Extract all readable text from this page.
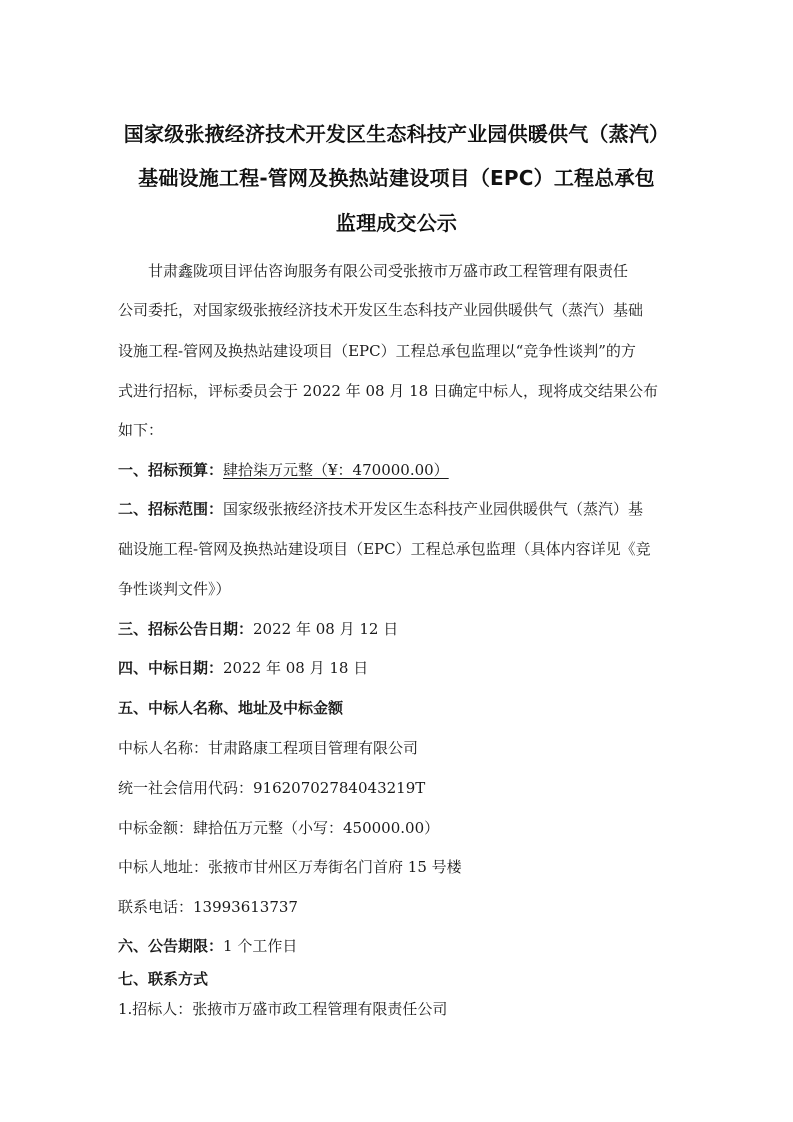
国家级张掖经济技术开发区生态科技产业园供暖供气（蒸汽）
基础设施工程-管网及换热站建设项目（EPC）工程总承包
监理成交公示
甘肃鑫陇项目评估咨询服务有限公司受张掖市万盛市政工程管理有限责任
公司委托，对国家级张掖经济技术开发区生态科技产业园供暖供气（蒸汽）基础
设施工程-管网及换热站建设项目（EPC）工程总承包监理以“竞争性谈判”的方
式进行招标，评标委员会于 2022 年 08 月 18 日确定中标人，现将成交结果公布
如下：
一、招标预算：肆拾柒万元整（¥：470000.00）
二、招标范围：国家级张掖经济技术开发区生态科技产业园供暖供气（蒸汽）基
础设施工程-管网及换热站建设项目（EPC）工程总承包监理（具体内容详见《竞
争性谈判文件》）
三、招标公告日期：2022 年 08 月 12 日
四、中标日期：2022 年 08 月 18 日
五、中标人名称、地址及中标金额
中标人名称：甘肃路康工程项目管理有限公司
统一社会信用代码：91620702784043219T
中标金额：肆拾伍万元整（小写：450000.00）
中标人地址：张掖市甘州区万寿街名门首府 15 号楼
联系电话：13993613737
六、公告期限：1 个工作日
七、联系方式
1.招标人：张掖市万盛市政工程管理有限责任公司
